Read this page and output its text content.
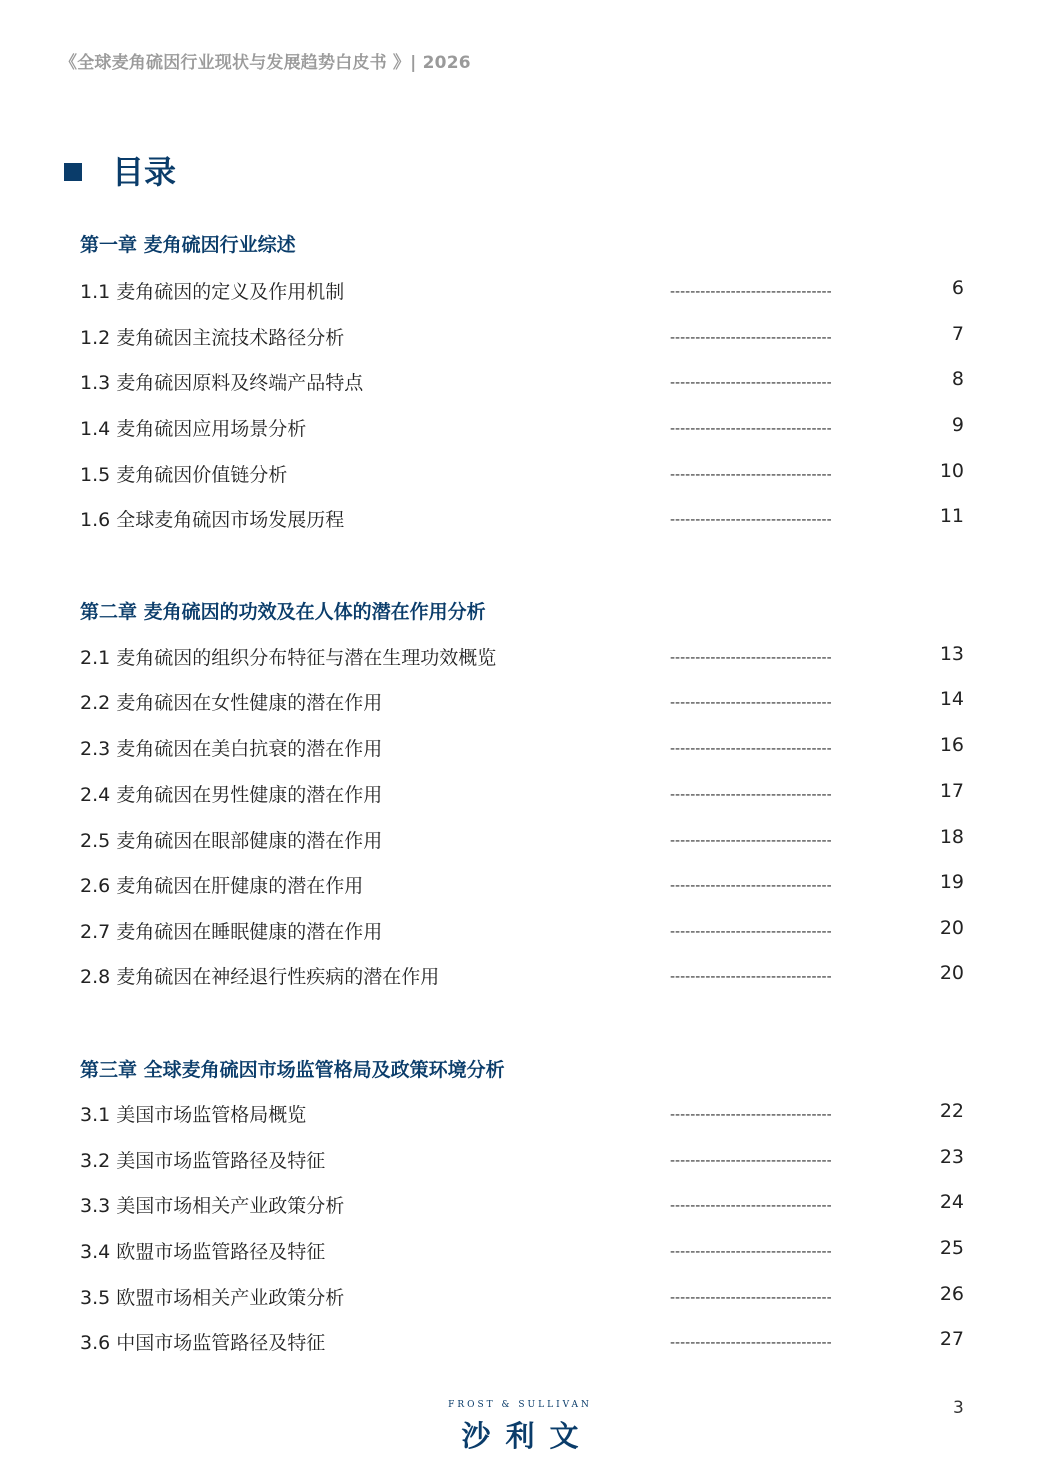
《全球麦角硫因行业现状与发展趋势白皮书 》| 2026
目录
第一章 麦角硫因行业综述
1.1 麦角硫因的定义及作用机制	--------------------------------	6
1.2 麦角硫因主流技术路径分析	--------------------------------	7
1.3 麦角硫因原料及终端产品特点	--------------------------------	8
1.4 麦角硫因应用场景分析	--------------------------------	9
1.5 麦角硫因价值链分析	--------------------------------	10
1.6 全球麦角硫因市场发展历程	--------------------------------	11
第二章 麦角硫因的功效及在人体的潜在作用分析
2.1 麦角硫因的组织分布特征与潜在生理功效概览	--------------------------------	13
2.2 麦角硫因在女性健康的潜在作用	--------------------------------	14
2.3 麦角硫因在美白抗衰的潜在作用	--------------------------------	16
2.4 麦角硫因在男性健康的潜在作用	--------------------------------	17
2.5 麦角硫因在眼部健康的潜在作用	--------------------------------	18
2.6 麦角硫因在肝健康的潜在作用	--------------------------------	19
2.7 麦角硫因在睡眠健康的潜在作用	--------------------------------	20
2.8 麦角硫因在神经退行性疾病的潜在作用	--------------------------------	20
第三章 全球麦角硫因市场监管格局及政策环境分析
3.1 美国市场监管格局概览	--------------------------------	22
3.2 美国市场监管路径及特征	--------------------------------	23
3.3 美国市场相关产业政策分析	--------------------------------	24
3.4 欧盟市场监管路径及特征	--------------------------------	25
3.5 欧盟市场相关产业政策分析	--------------------------------	26
3.6 中国市场监管路径及特征	--------------------------------	27
FROST & SULLIVAN
沙利文
3
